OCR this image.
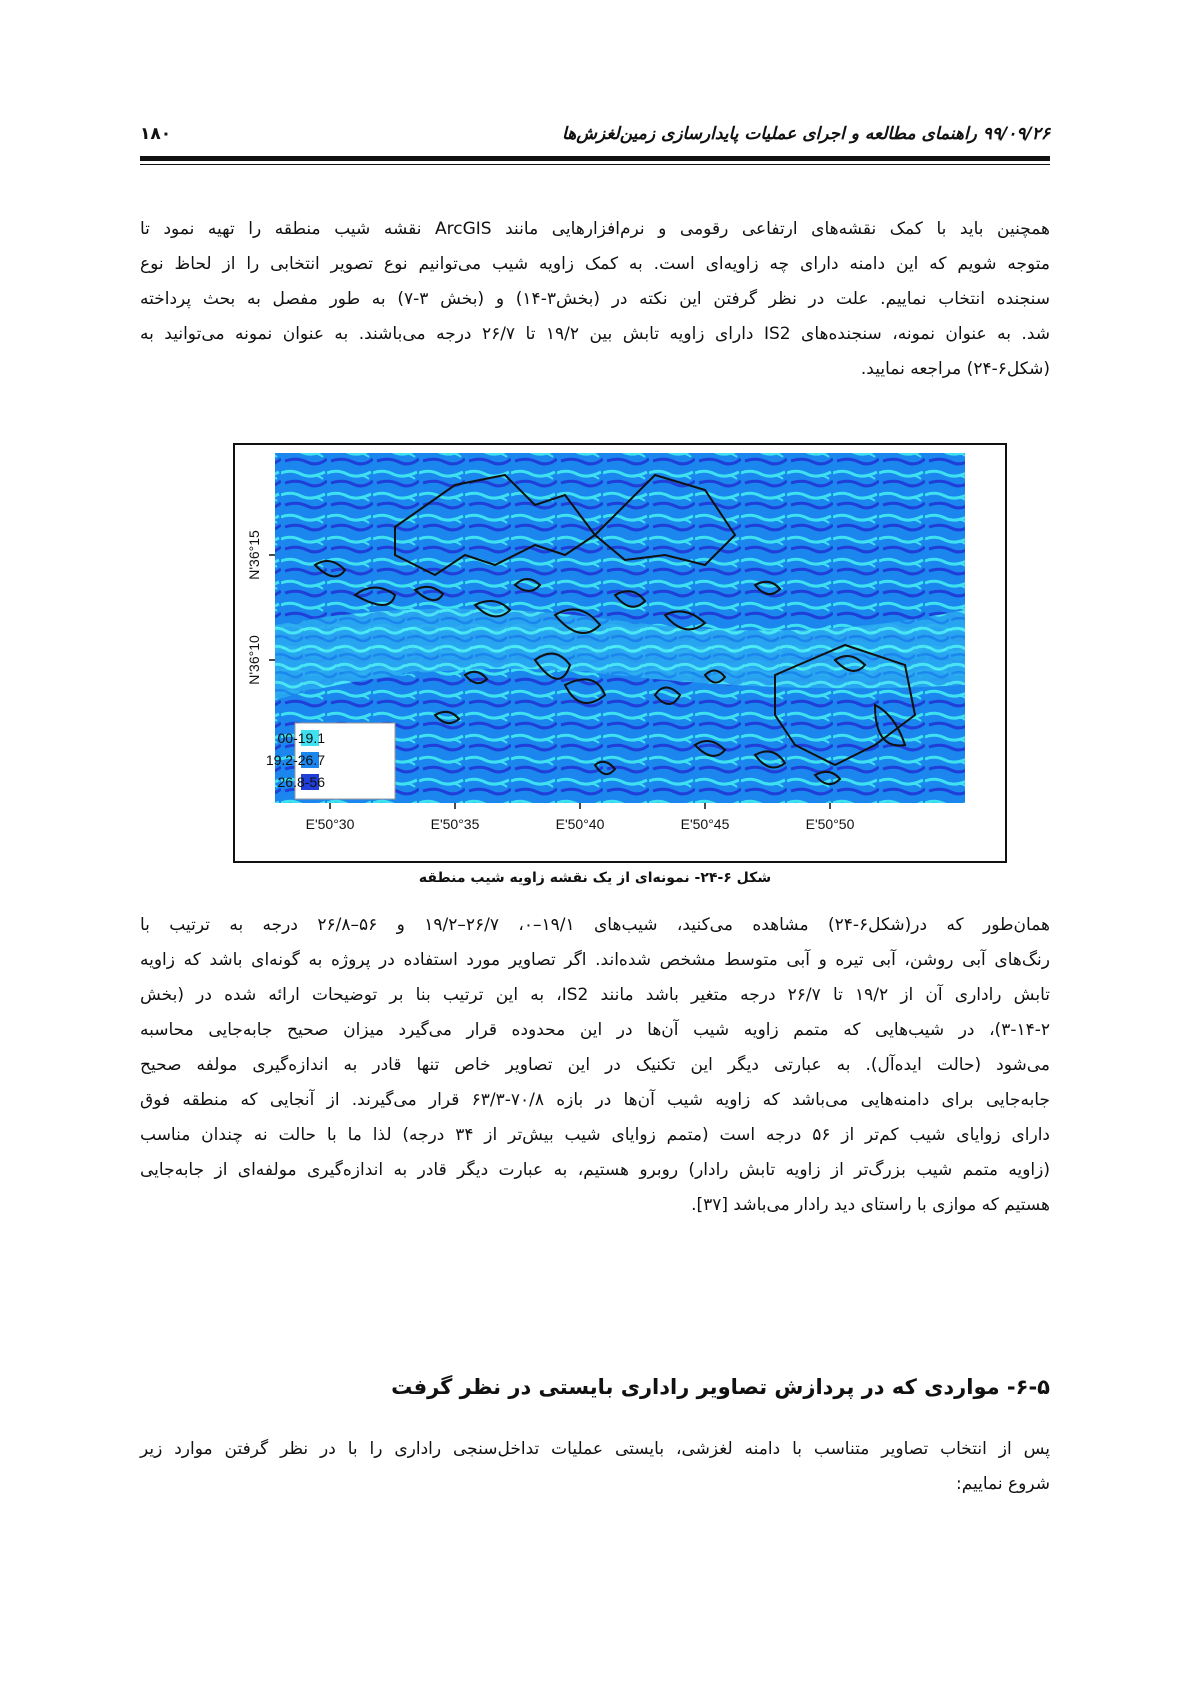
۹۹/۰۹/۲۶ راهنمای مطالعه و اجرای عملیات پایدارسازی زمین‌لغزش‌ها
۱۸۰
همچنین باید با کمک نقشه‌های ارتفاعی رقومی و نرم‌افزارهایی مانند ArcGIS نقشه شیب منطقه را تهیه نمود تا
متوجه شویم که این دامنه دارای چه زاویه‌ای است. به کمک زاویه شیب می‌توانیم نوع تصویر انتخابی را از لحاظ نوع
سنجنده انتخاب نماییم. علت در نظر گرفتن این نکته در (بخش۳-۱۴) و (بخش ۳-۷) به طور مفصل به بحث پرداخته
شد. به عنوان نمونه، سنجنده‌های IS2 دارای زاویه تابش بین ۱۹/۲ تا ۲۶/۷ درجه می‌باشند. به عنوان نمونه می‌توانید به
(شکل۶-۲۴) مراجعه نمایید.
36°15'N
36°10'N
50°30'E	50°35'E	50°40'E	50°45'E	50°50'E
00-19.1
19.2-26.7
26.8-56
شکل ۶-۲۴- نمونه‌ای از یک نقشه زاویه شیب منطقه
همان‌طور که در(شکل۶-۲۴) مشاهده می‌کنید، شیب‌های ۱۹/۱–۰، ۲۶/۷–۱۹/۲ و ۵۶–۲۶/۸ درجه به ترتیب با
رنگ‌های آبی روشن، آبی تیره و آبی متوسط مشخص شده‌اند. اگر تصاویر مورد استفاده در پروژه به گونه‌ای باشد که زاویه
تابش راداری آن از ۱۹/۲ تا ۲۶/۷ درجه متغیر باشد مانند IS2، به این ترتیب بنا بر توضیحات ارائه شده در (بخش
۳-۱۴-۲)، در شیب‌هایی که متمم زاویه شیب آن‌ها در این محدوده قرار می‌گیرد میزان صحیح جابه‌جایی محاسبه
می‌شود (حالت ایده‌آل). به عبارتی دیگر این تکنیک در این تصاویر خاص تنها قادر به اندازه‌گیری مولفه صحیح
جابه‌جایی برای دامنه‌هایی می‌باشد که زاویه شیب آن‌ها در بازه ۷۰/۸-۶۳/۳ قرار می‌گیرند. از آنجایی که منطقه فوق
دارای زوایای شیب کم‌تر از ۵۶ درجه است (متمم زوایای شیب بیش‌تر از ۳۴ درجه) لذا ما با حالت نه چندان مناسب
(زاویه متمم شیب بزرگ‌تر از زاویه تابش رادار) روبرو هستیم، به عبارت دیگر قادر به اندازه‌گیری مولفه‌ای از جابه‌جایی
هستیم که موازی با راستای دید رادار می‌باشد [۳۷].
۶-۵- مواردی که در پردازش تصاویر راداری بایستی در نظر گرفت
پس از انتخاب تصاویر متناسب با دامنه لغزشی، بایستی عملیات تداخل‌سنجی راداری را با در نظر گرفتن موارد زیر
شروع نماییم:
